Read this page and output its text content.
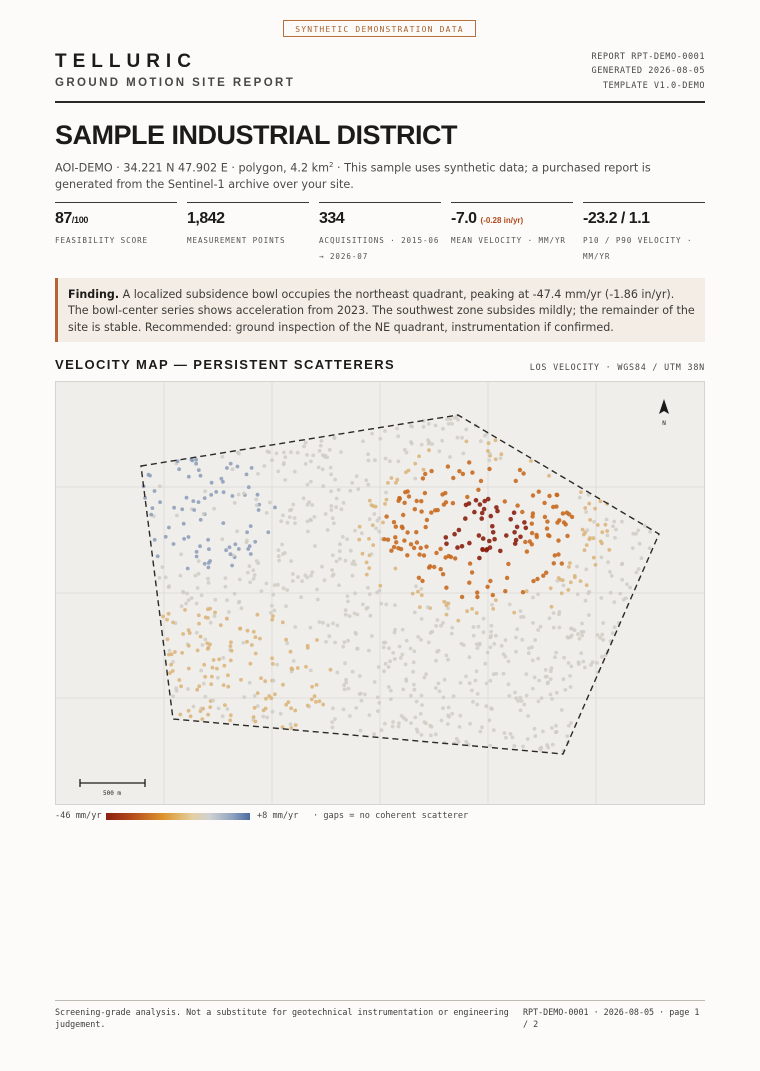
SYNTHETIC DEMONSTRATION DATA
TELLURIC
GROUND MOTION SITE REPORT
REPORT RPT-DEMO-0001
GENERATED 2026-08-05
TEMPLATE V1.0-DEMO
SAMPLE INDUSTRIAL DISTRICT
AOI-DEMO · 34.221 N 47.902 E · polygon, 4.2 $km^2$ · This sample uses synthetic data; a purchased report is generated from the Sentinel-1 archive over your site.
87/100
FEASIBILITY SCORE
1,842
MEASUREMENT POINTS
334
ACQUISITIONS · 2015-06 → 2026-07
-7.0 (-0.28 in/yr)
MEAN VELOCITY · MM/YR
-23.2 / 1.1
P10 / P90 VELOCITY · MM/YR
Finding. A localized subsidence bowl occupies the northeast quadrant, peaking at -47.4 mm/yr (-1.86 in/yr). The bowl-center series shows acceleration from 2023. The southwest zone subsides mildly; the remainder of the site is stable. Recommended: ground inspection of the NE quadrant, instrumentation if confirmed.
VELOCITY MAP — PERSISTENT SCATTERERS	LOS VELOCITY · WGS84 / UTM 38N
N
500 m
-46 mm/yr	+8 mm/yr · gaps = no coherent scatterer
Screening-grade analysis. Not a substitute for geotechnical instrumentation or engineering judgement.
RPT-DEMO-0001 · 2026-08-05 · page 1 / 2
